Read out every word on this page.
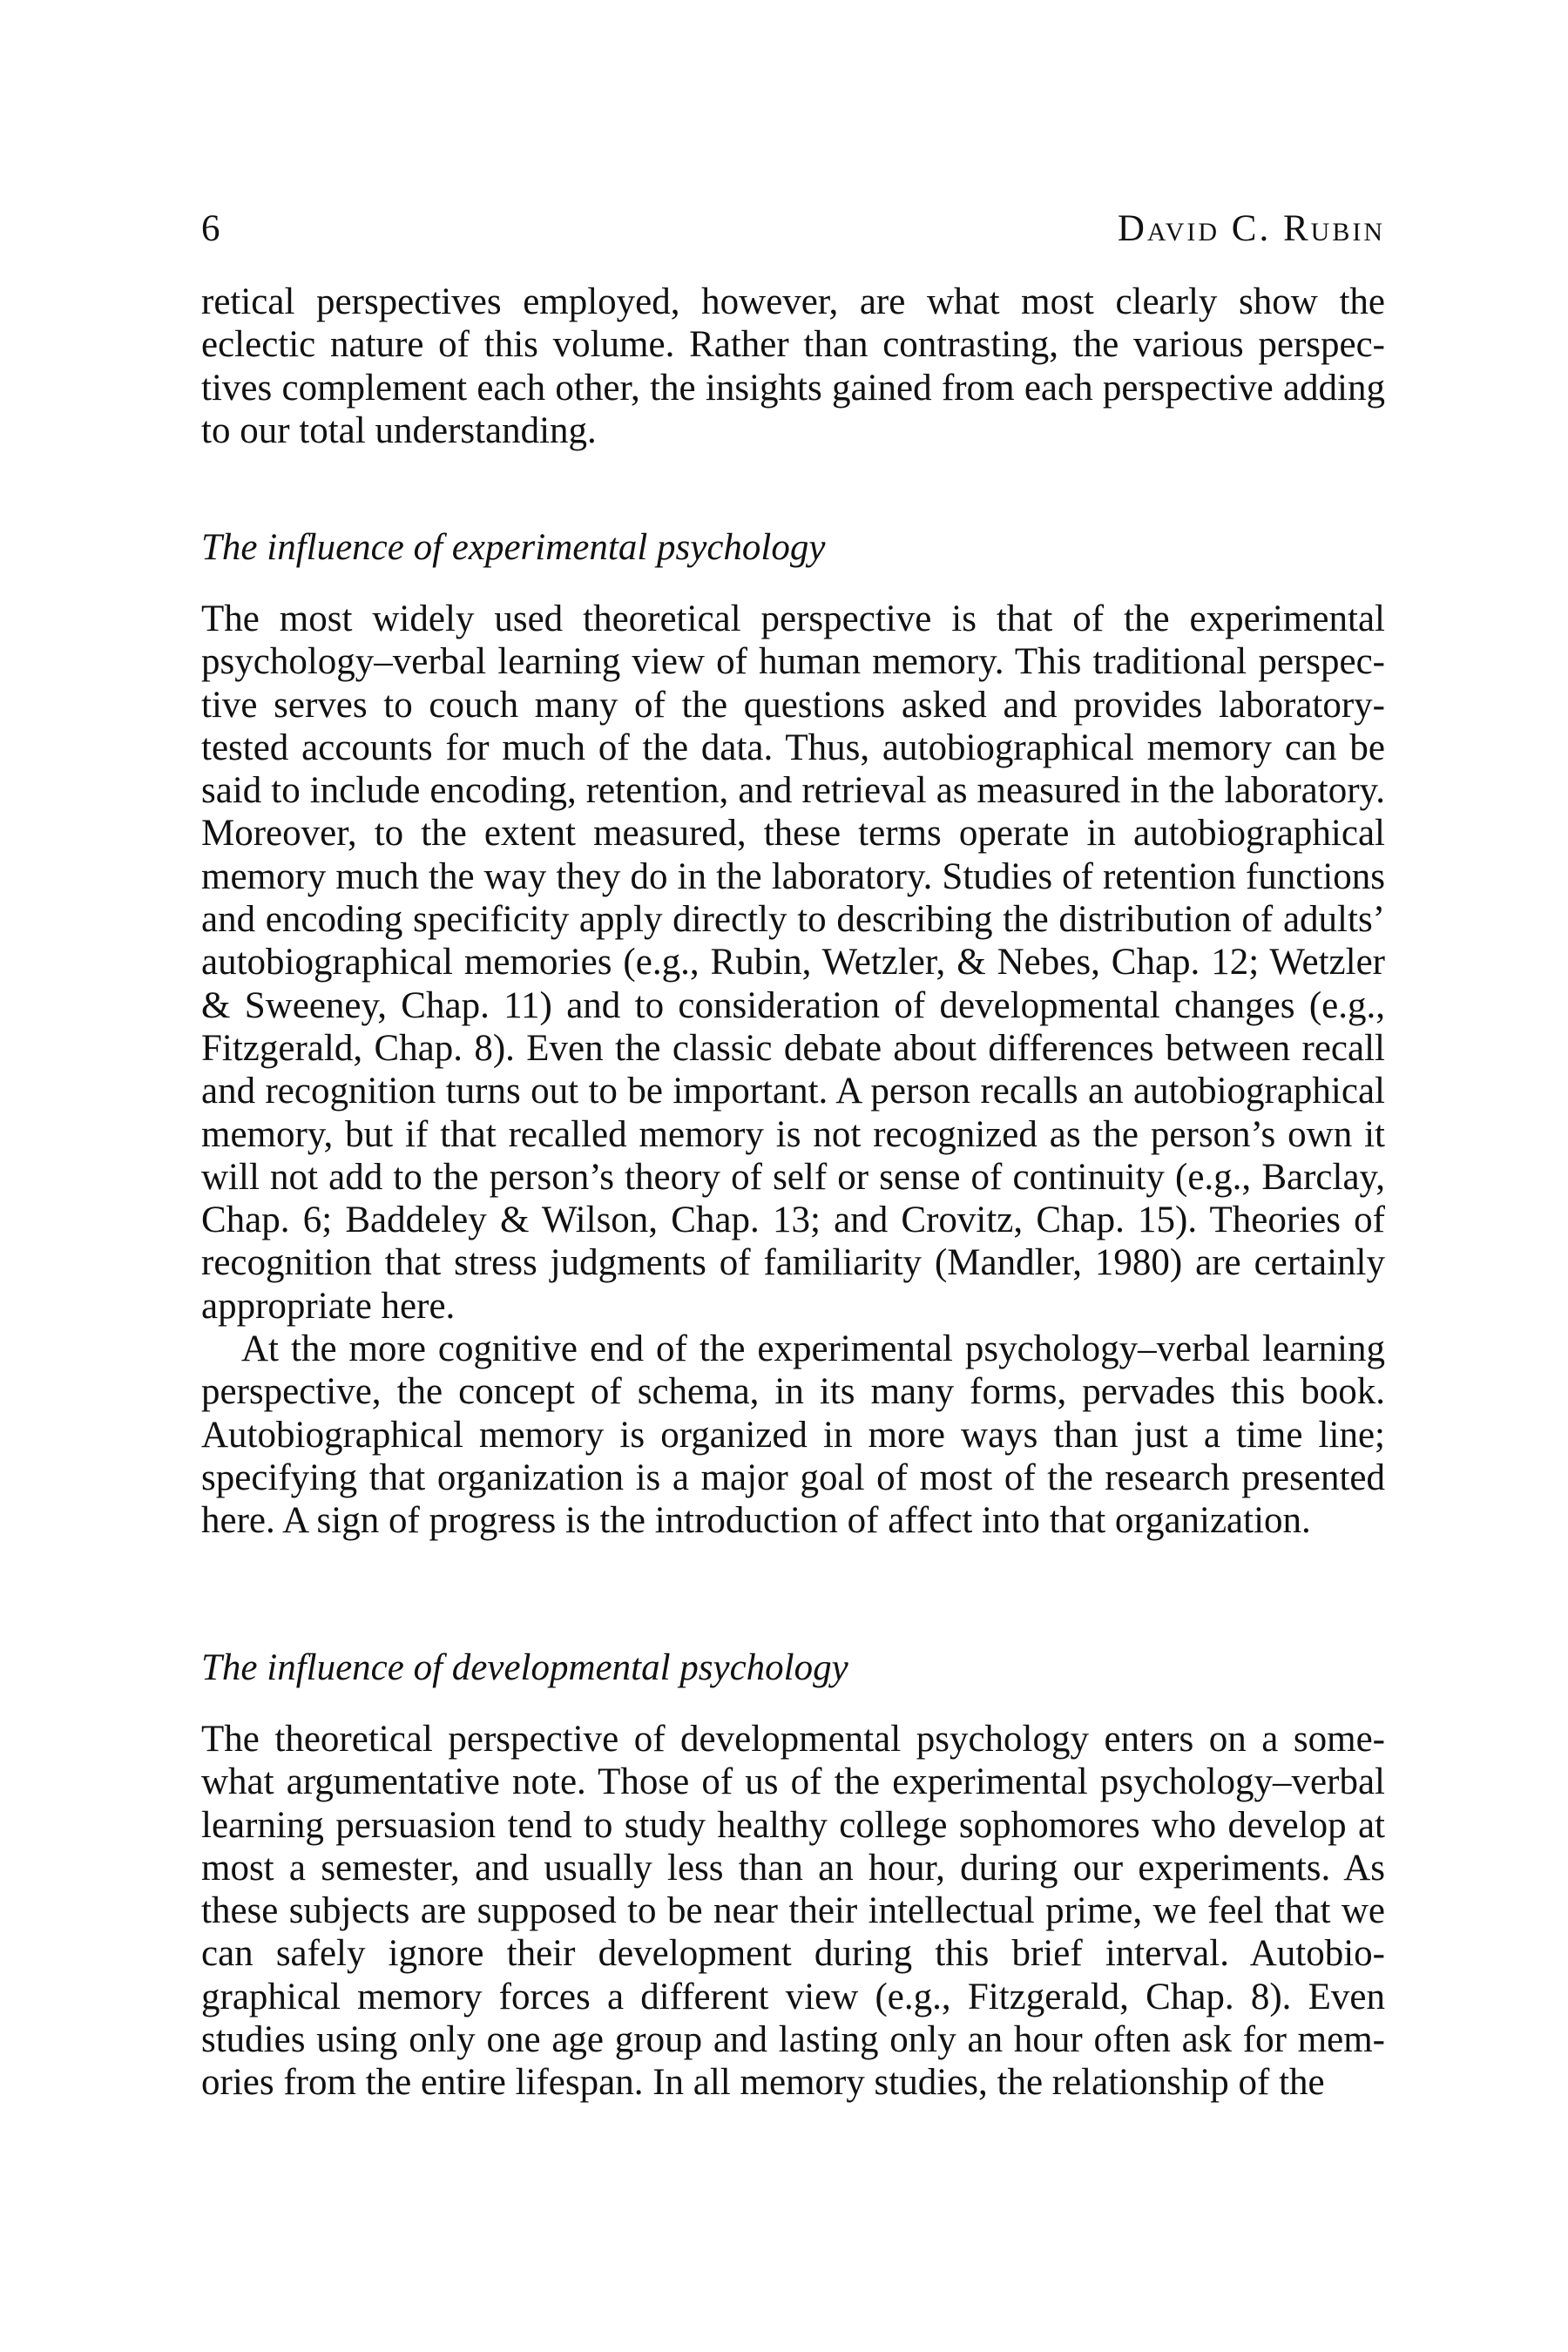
6	David C. Rubin

retical perspectives employed, however, are what most clearly show the eclectic nature of this volume. Rather than contrasting, the various perspectives complement each other, the insights gained from each perspective adding to our total understanding.

The influence of experimental psychology

The most widely used theoretical perspective is that of the experimental psychology–verbal learning view of human memory. This traditional perspective serves to couch many of the questions asked and provides laboratory-tested accounts for much of the data. Thus, autobiographical memory can be said to include encoding, retention, and retrieval as measured in the laboratory. Moreover, to the extent measured, these terms operate in autobiographical memory much the way they do in the laboratory. Studies of retention functions and encoding specificity apply directly to describing the distribution of adults’ autobiographical memories (e.g., Rubin, Wetzler, & Nebes, Chap. 12; Wetzler & Sweeney, Chap. 11) and to consideration of developmental changes (e.g., Fitzgerald, Chap. 8). Even the classic debate about differences between recall and recognition turns out to be important. A person recalls an autobiographical memory, but if that recalled memory is not recognized as the person’s own it will not add to the person’s theory of self or sense of continuity (e.g., Barclay, Chap. 6; Baddeley & Wilson, Chap. 13; and Crovitz, Chap. 15). Theories of recognition that stress judgments of familiarity (Mandler, 1980) are certainly appropriate here.

At the more cognitive end of the experimental psychology–verbal learning perspective, the concept of schema, in its many forms, pervades this book. Autobiographical memory is organized in more ways than just a time line; specifying that organization is a major goal of most of the research presented here. A sign of progress is the introduction of affect into that organization.

The influence of developmental psychology

The theoretical perspective of developmental psychology enters on a somewhat argumentative note. Those of us of the experimental psychology–verbal learning persuasion tend to study healthy college sophomores who develop at most a semester, and usually less than an hour, during our experiments. As these subjects are supposed to be near their intellectual prime, we feel that we can safely ignore their development during this brief interval. Autobiographical memory forces a different view (e.g., Fitzgerald, Chap. 8). Even studies using only one age group and lasting only an hour often ask for memories from the entire lifespan. In all memory studies, the relationship of the
